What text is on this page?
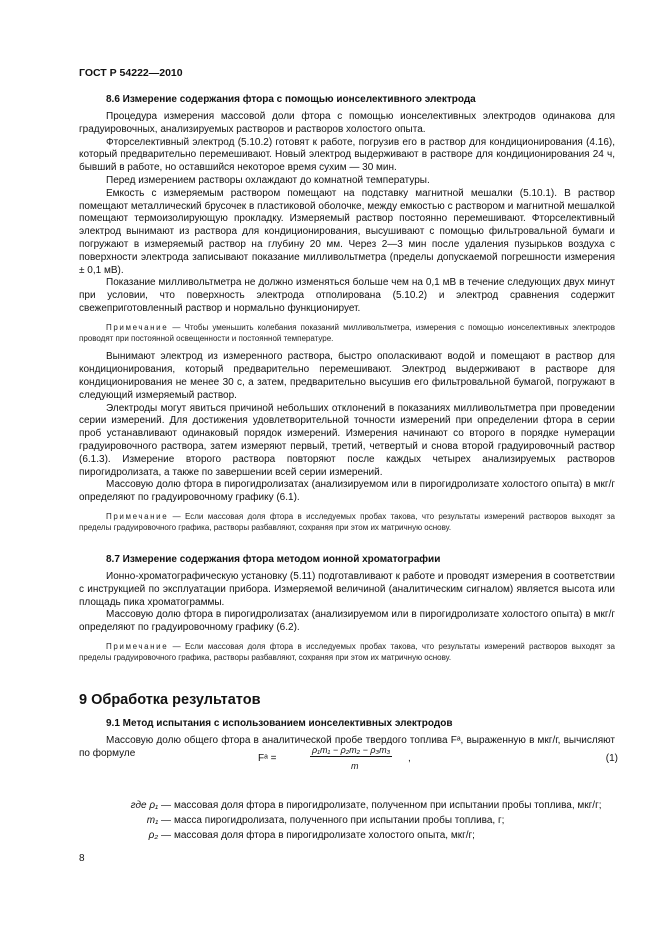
ГОСТ Р 54222—2010
8.6 Измерение содержания фтора с помощью ионселективного электрода

Процедура измерения массовой доли фтора с помощью ионселективных электродов одинакова для градуировочных, анализируемых растворов и растворов холостого опыта.

Фторселективный электрод (5.10.2) готовят к работе, погрузив его в раствор для кондиционирования (4.16), который предварительно перемешивают. Новый электрод выдерживают в растворе для кондиционирования 24 ч, бывший в работе, но оставшийся некоторое время сухим — 30 мин.

Перед измерением растворы охлаждают до комнатной температуры.

Емкость с измеряемым раствором помещают на подставку магнитной мешалки (5.10.1). В раствор помещают металлический брусочек в пластиковой оболочке, между емкостью с раствором и магнитной мешалкой помещают термоизолирующую прокладку. Измеряемый раствор постоянно перемешивают. Фторселективный электрод вынимают из раствора для кондиционирования, высушивают с помощью фильтровальной бумаги и погружают в измеряемый раствор на глубину 20 мм. Через 2—3 мин после удаления пузырьков воздуха с поверхности электрода записывают показание милливольтметра (пределы допускаемой погрешности измерения ± 0,1 мВ).

Показание милливольтметра не должно изменяться больше чем на 0,1 мВ в течение следующих двух минут при условии, что поверхность электрода отполирована (5.10.2) и электрод сравнения содержит свежеприготовленный раствор и нормально функционирует.

Примечание — Чтобы уменьшить колебания показаний милливольтметра, измерения с помощью ионселективных электродов проводят при постоянной освещенности и постоянной температуре.

Вынимают электрод из измеренного раствора, быстро ополаскивают водой и помещают в раствор для кондиционирования, который предварительно перемешивают. Электрод выдерживают в растворе для кондиционирования не менее 30 с, а затем, предварительно высушив его фильтровальной бумагой, погружают в следующий измеряемый раствор.

Электроды могут явиться причиной небольших отклонений в показаниях милливольтметра при проведении серии измерений. Для достижения удовлетворительной точности измерений при определении фтора в серии проб устанавливают одинаковый порядок измерений. Измерения начинают со второго в порядке нумерации градуировочного раствора, затем измеряют первый, третий, четвертый и снова второй градуировочный раствор (6.1.3). Измерение второго раствора повторяют после каждых четырех анализируемых растворов пирогидролизата, а также по завершении всей серии измерений.

Массовую долю фтора в пирогидролизатах (анализируемом или в пирогидролизате холостого опыта) в мкг/г определяют по градуировочному графику (6.1).

Примечание — Если массовая доля фтора в исследуемых пробах такова, что результаты измерений растворов выходят за пределы градуировочного графика, растворы разбавляют, сохраняя при этом их матричную основу.

8.7 Измерение содержания фтора методом ионной хроматографии

Ионно-хроматографическую установку (5.11) подготавливают к работе и проводят измерения в соответствии с инструкцией по эксплуатации прибора. Измеряемой величиной (аналитическим сигналом) является высота или площадь пика хроматограммы.

Массовую долю фтора в пирогидролизатах (анализируемом или в пирогидролизате холостого опыта) в мкг/г определяют по градуировочному графику (6.2).

Примечание — Если массовая доля фтора в исследуемых пробах таковa, что результаты измерений растворов выходят за пределы градуировочного графика, растворы разбавляют, сохраняя при этом их матричную основу.

9 Обработка результатов
9.1 Метод испытания с использованием ионселективных электродов

Массовую долю общего фтора в аналитической пробе твердого топлива Fᵃ, выраженную в мкг/г, вычисляют по формуле	Fᵃ =
ρ₁m₁ − ρ₂m₂ − ρ₃m₃
m
,	(1)
где ρ₁ — массовая доля фтора в пирогидролизате, полученном при испытании пробы топлива, мкг/г;
m₁ — масса пирогидролизата, полученного при испытании пробы топлива, г;
ρ₂ — массовая доля фтора в пирогидролизате холостого опыта, мкг/г;
8
